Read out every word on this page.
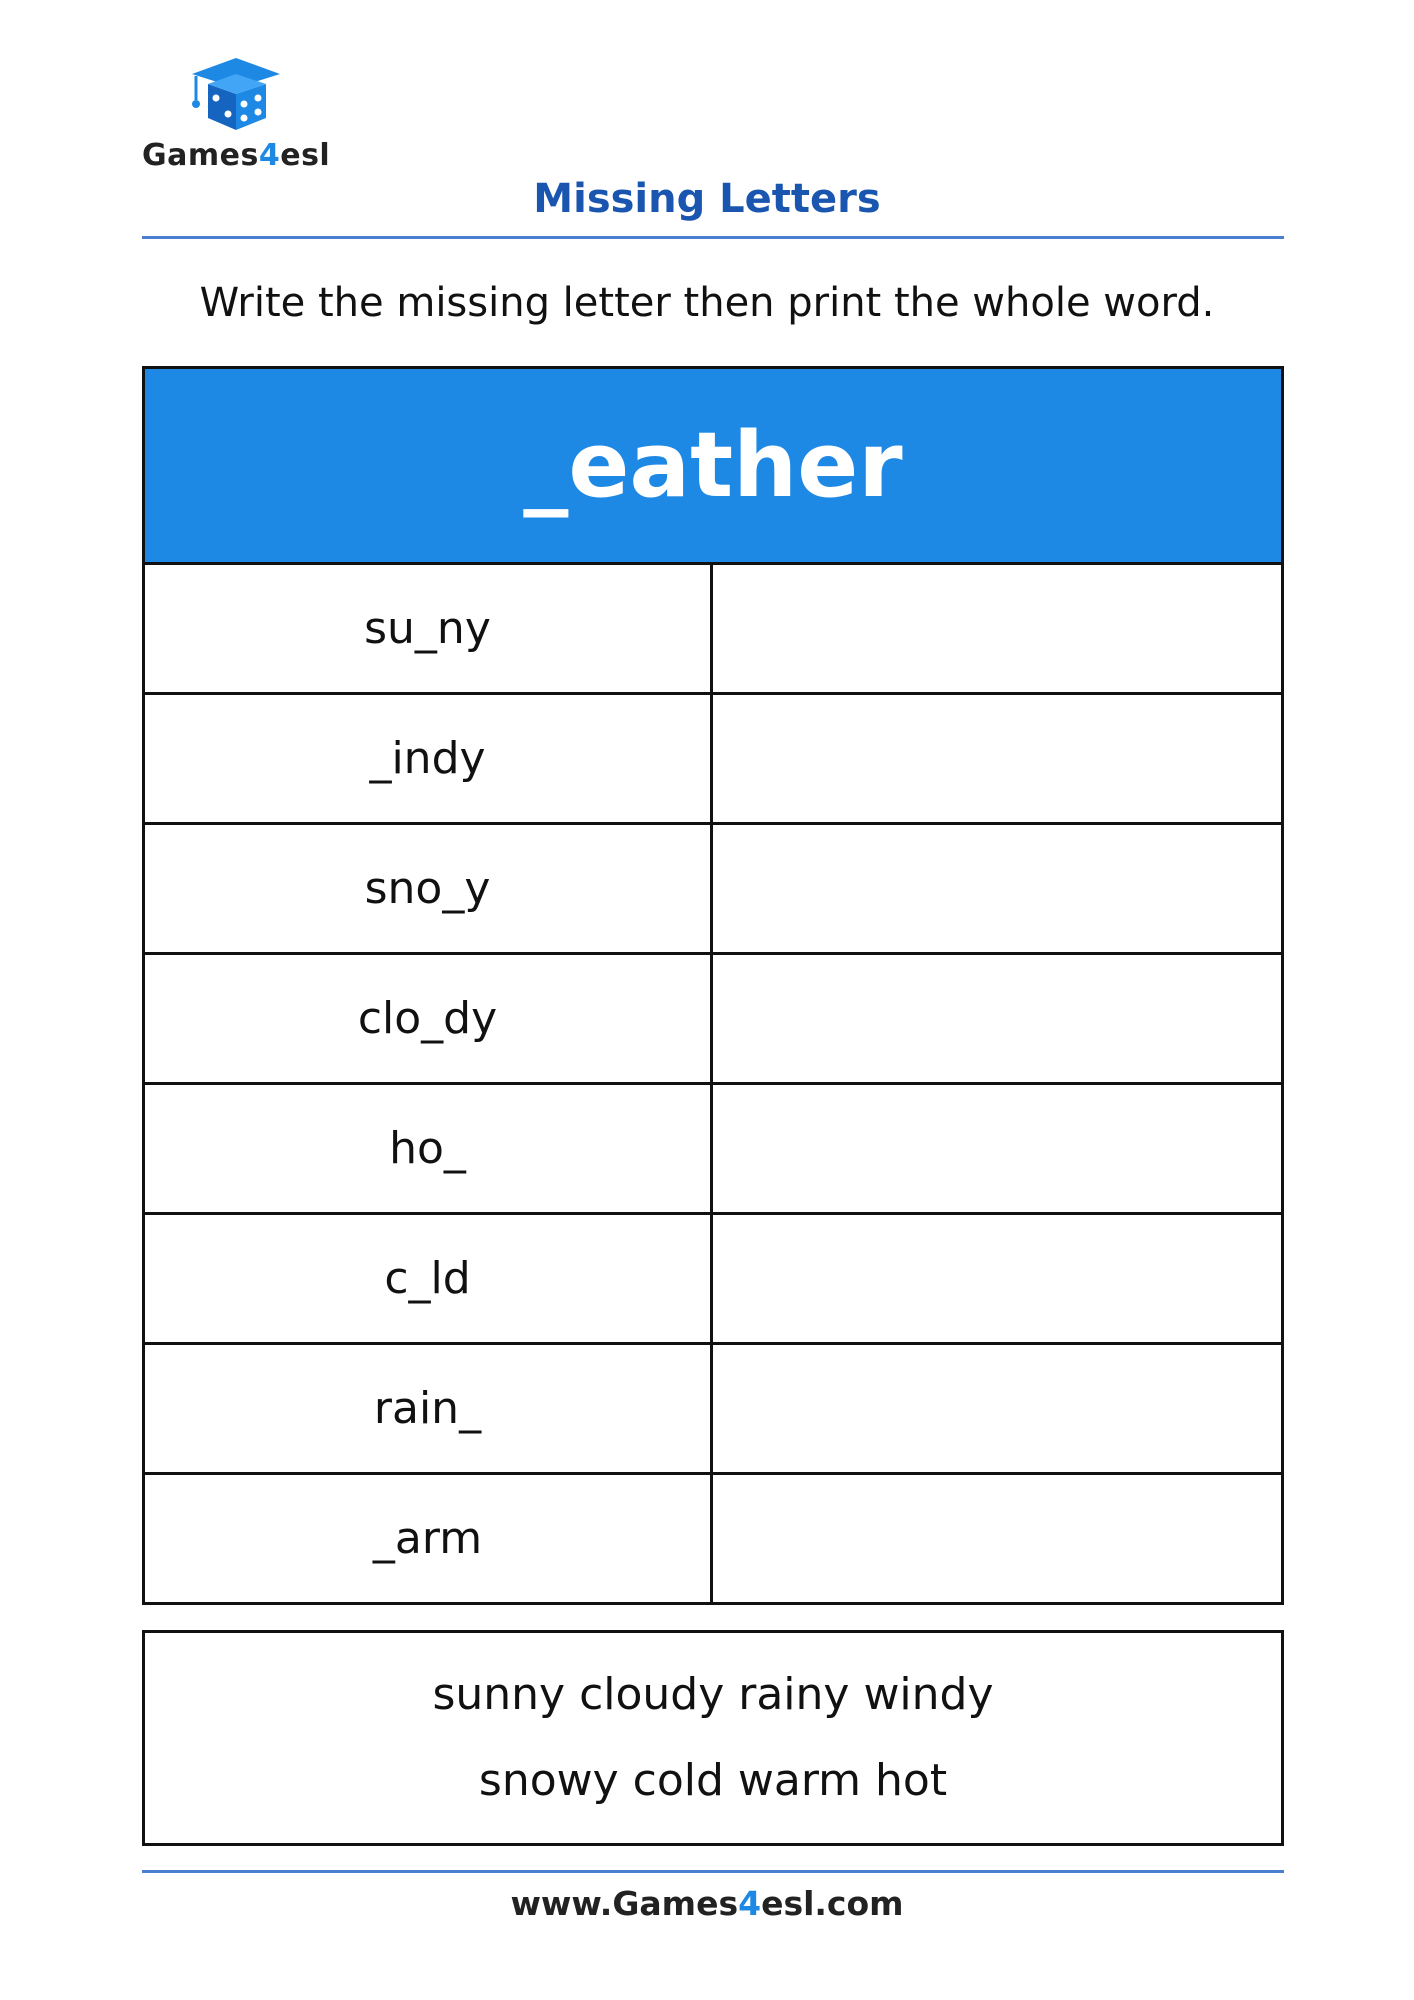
Games4esl
Missing Letters
Write the missing letter then print the whole word.
_eather
su_ny
_indy
sno_y
clo_dy
ho_
c_ld
rain_
_arm
sunny cloudy rainy windy
snowy cold warm hot
www.Games4esl.com
